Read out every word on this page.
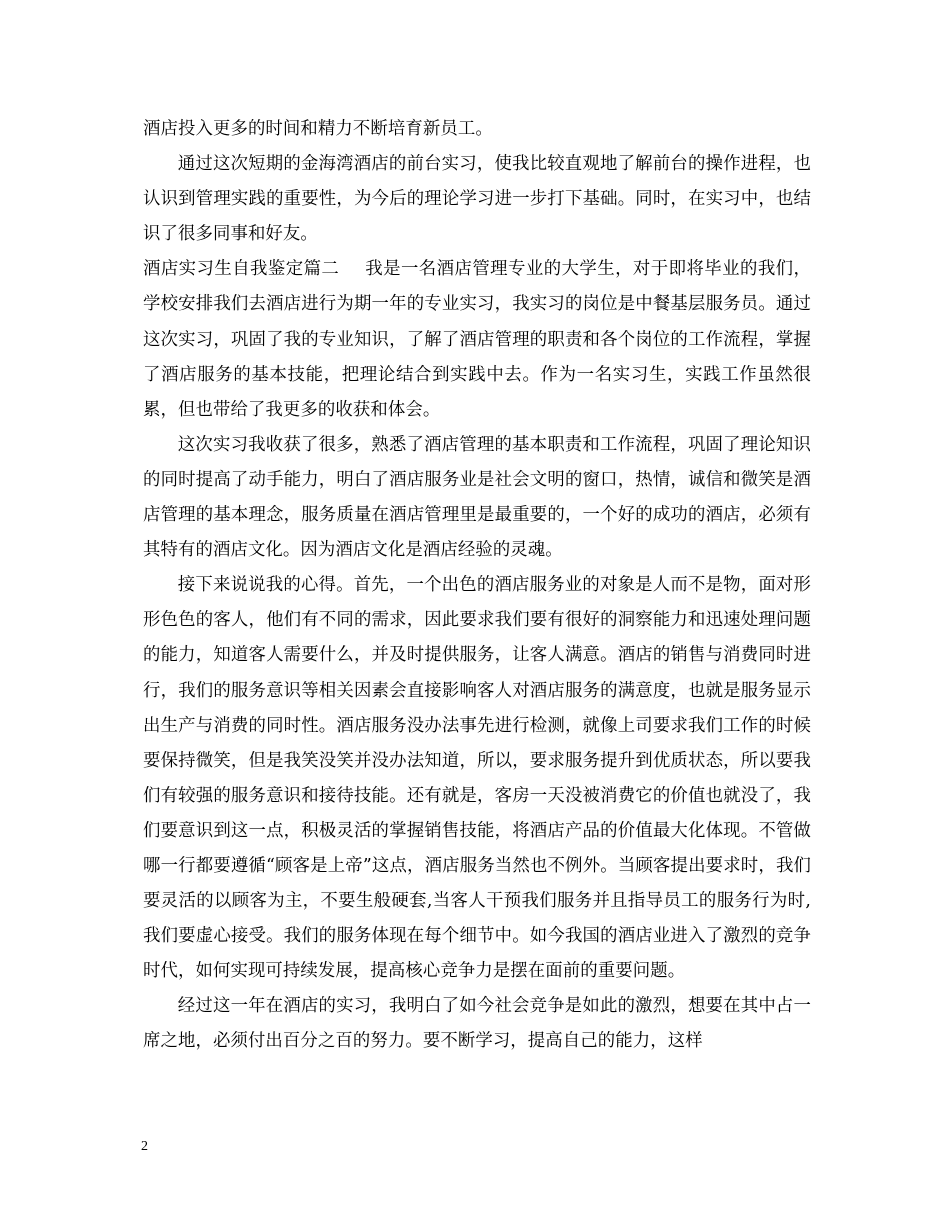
酒店投入更多的时间和精力不断培育新员工。

通过这次短期的金海湾酒店的前台实习，使我比较直观地了解前台的操作进程，也认识到管理实践的重要性，为今后的理论学习进一步打下基础。同时，在实习中，也结识了很多同事和好友。

酒店实习生自我鉴定篇二 我是一名酒店管理专业的大学生，对于即将毕业的我们，学校安排我们去酒店进行为期一年的专业实习，我实习的岗位是中餐基层服务员。通过这次实习，巩固了我的专业知识，了解了酒店管理的职责和各个岗位的工作流程，掌握了酒店服务的基本技能，把理论结合到实践中去。作为一名实习生，实践工作虽然很累，但也带给了我更多的收获和体会。

这次实习我收获了很多，熟悉了酒店管理的基本职责和工作流程，巩固了理论知识的同时提高了动手能力，明白了酒店服务业是社会文明的窗口，热情，诚信和微笑是酒店管理的基本理念，服务质量在酒店管理里是最重要的，一个好的成功的酒店，必须有其特有的酒店文化。因为酒店文化是酒店经验的灵魂。

接下来说说我的心得。首先，一个出色的酒店服务业的对象是人而不是物，面对形形色色的客人，他们有不同的需求，因此要求我们要有很好的洞察能力和迅速处理问题的能力，知道客人需要什么，并及时提供服务，让客人满意。酒店的销售与消费同时进行，我们的服务意识等相关因素会直接影响客人对酒店服务的满意度，也就是服务显示出生产与消费的同时性。酒店服务没办法事先进行检测，就像上司要求我们工作的时候要保持微笑，但是我笑没笑并没办法知道，所以，要求服务提升到优质状态，所以要我们有较强的服务意识和接待技能。还有就是，客房一天没被消费它的价值也就没了，我们要意识到这一点，积极灵活的掌握销售技能，将酒店产品的价值最大化体现。不管做哪一行都要遵循“顾客是上帝”这点，酒店服务当然也不例外。当顾客提出要求时，我们要灵活的以顾客为主，不要生般硬套,当客人干预我们服务并且指导员工的服务行为时,我们要虚心接受。我们的服务体现在每个细节中。如今我国的酒店业进入了激烈的竞争时代，如何实现可持续发展，提高核心竞争力是摆在面前的重要问题。

经过这一年在酒店的实习，我明白了如今社会竞争是如此的激烈，想要在其中占一席之地，必须付出百分之百的努力。要不断学习，提高自己的能力，这样

2
